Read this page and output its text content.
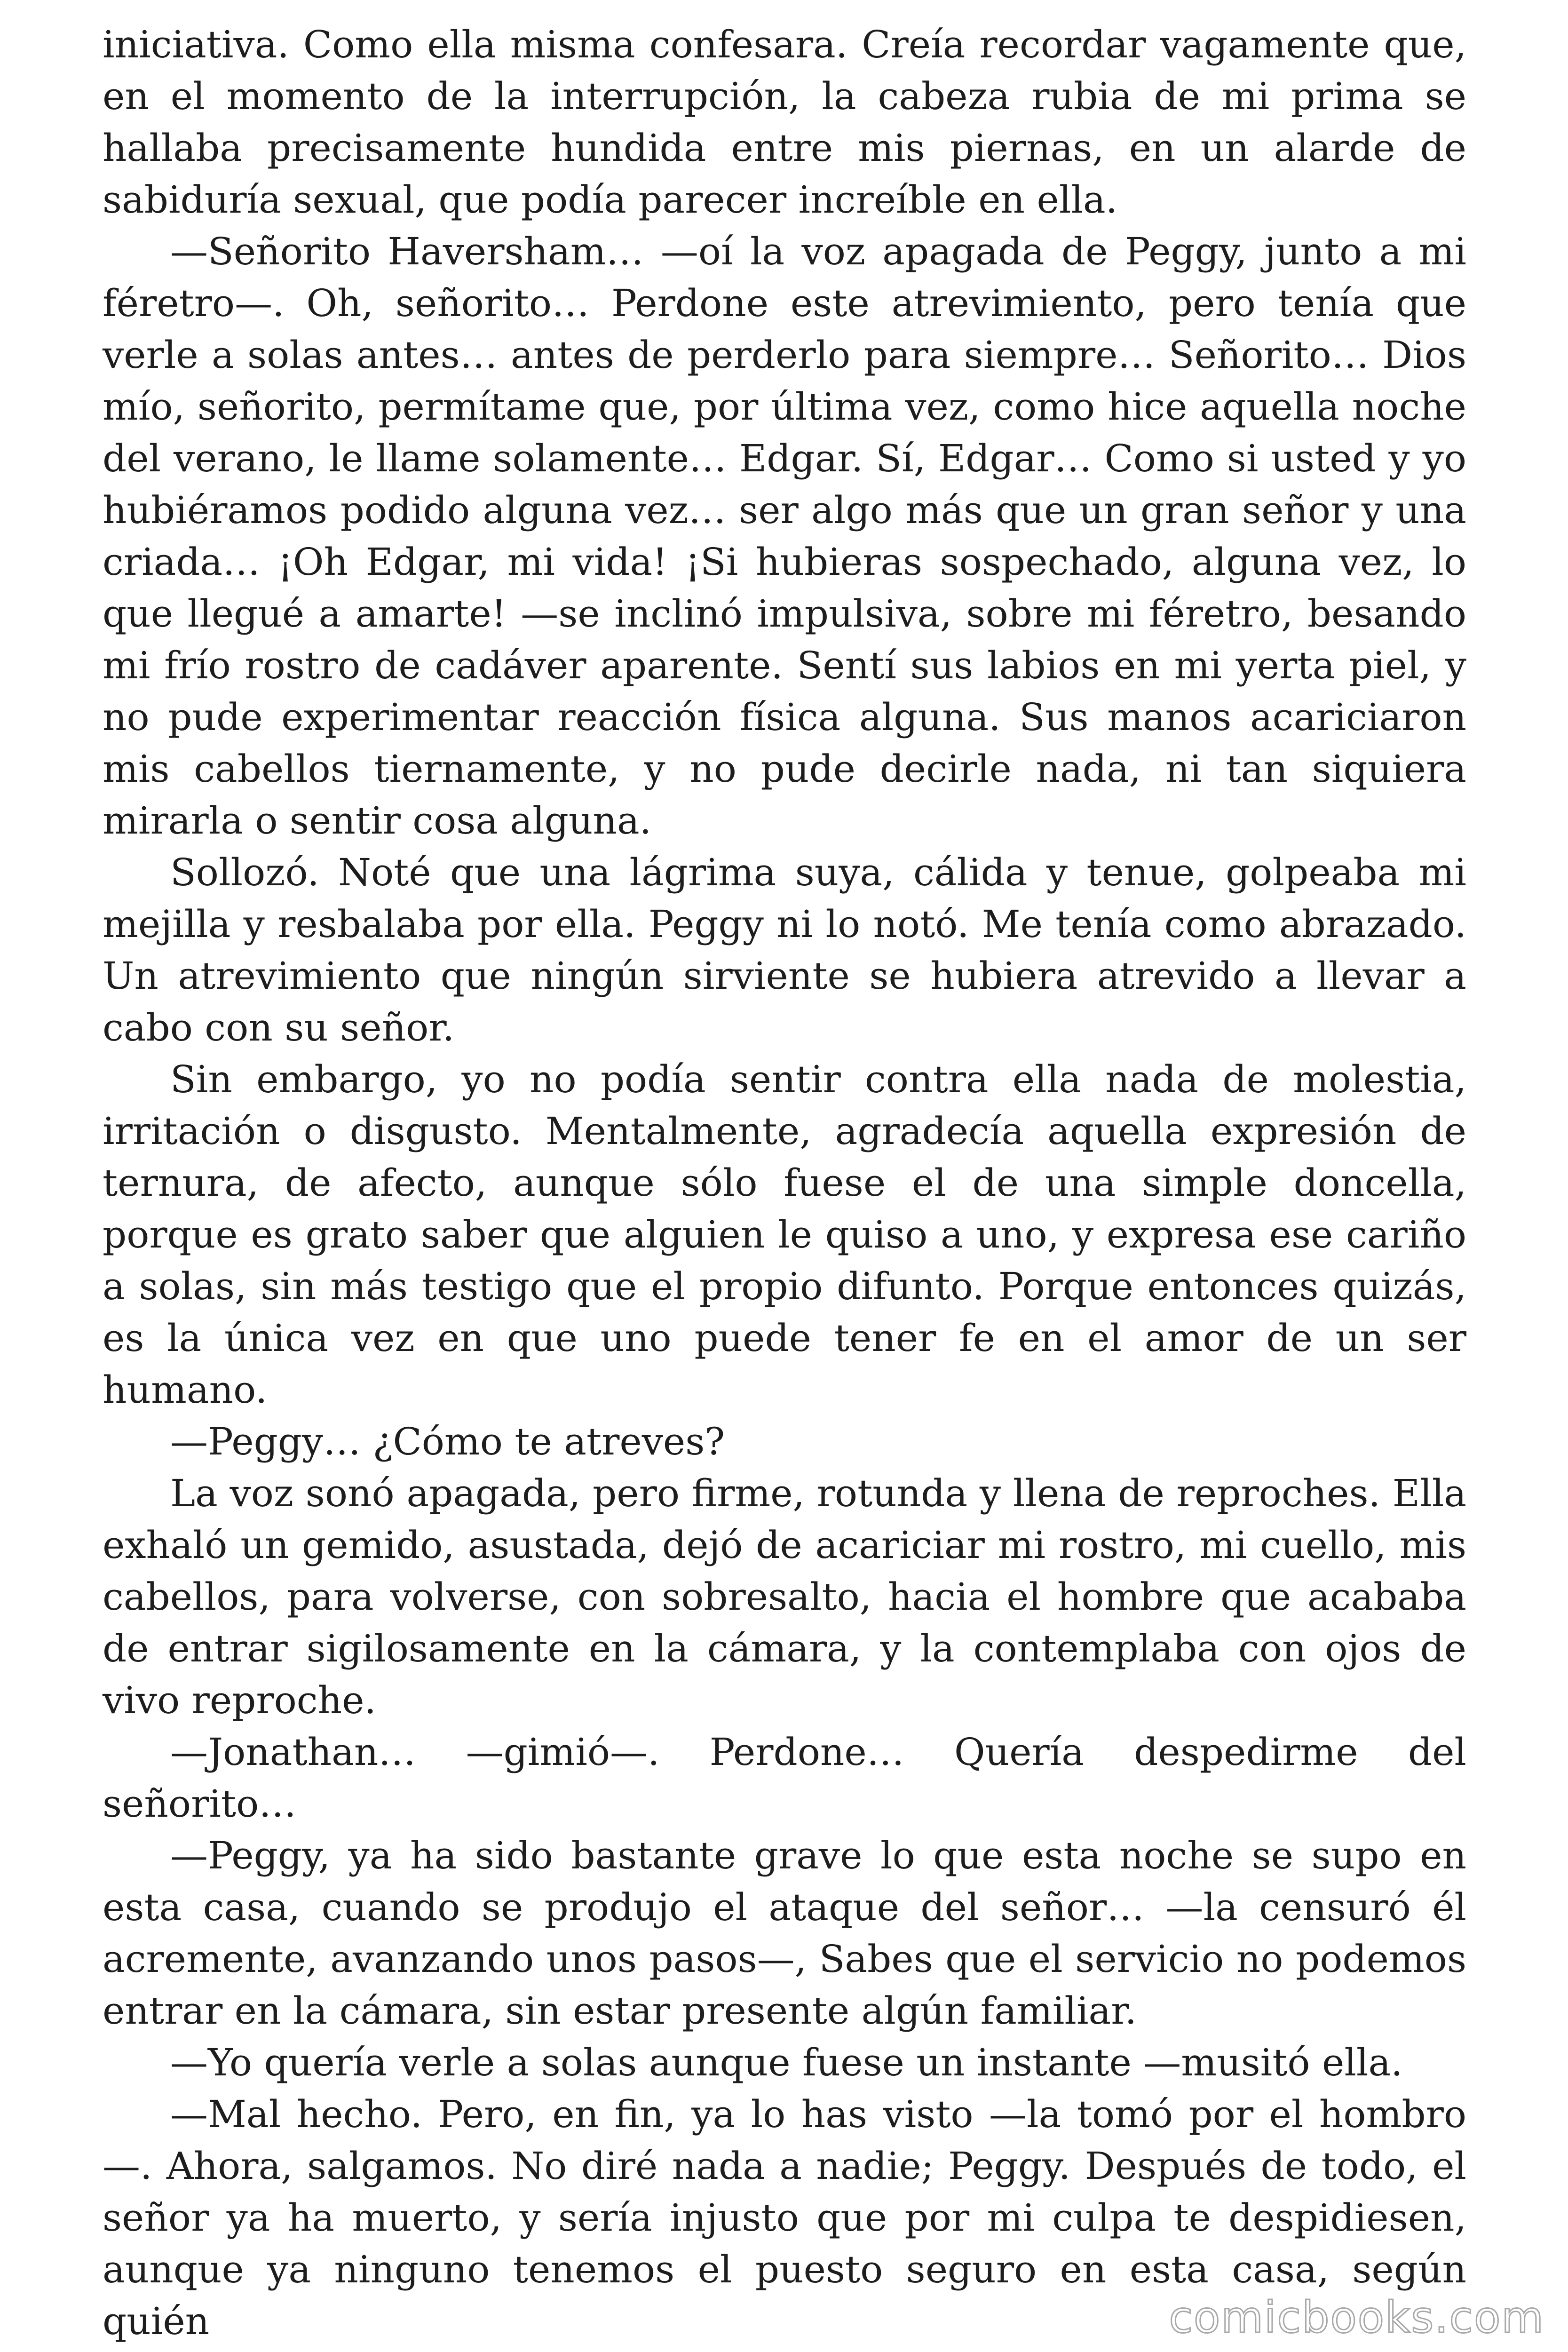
iniciativa. Como ella misma confesara. Creía recordar vagamente que, en el momento de la interrupción, la cabeza rubia de mi prima se hallaba precisamente hundida entre mis piernas, en un alarde de sabiduría sexual, que podía parecer increíble en ella.

—Señorito Haversham… —oí la voz apagada de Peggy, junto a mi féretro—. Oh, señorito… Perdone este atrevimiento, pero tenía que verle a solas antes… antes de perderlo para siempre… Señorito… Dios mío, señorito, permítame que, por última vez, como hice aquella noche del verano, le llame solamente… Edgar. Sí, Edgar… Como si usted y yo hubiéramos podido alguna vez… ser algo más que un gran señor y una criada… ¡Oh Edgar, mi vida! ¡Si hubieras sospechado, alguna vez, lo que llegué a amarte! —se inclinó impulsiva, sobre mi féretro, besando mi frío rostro de cadáver aparente. Sentí sus labios en mi yerta piel, y no pude experimentar reacción física alguna. Sus manos acariciaron mis cabellos tiernamente, y no pude decirle nada, ni tan siquiera mirarla o sentir cosa alguna.

Sollozó. Noté que una lágrima suya, cálida y tenue, golpeaba mi mejilla y resbalaba por ella. Peggy ni lo notó. Me tenía como abrazado. Un atrevimiento que ningún sirviente se hubiera atrevido a llevar a cabo con su señor.

Sin embargo, yo no podía sentir contra ella nada de molestia, irritación o disgusto. Mentalmente, agradecía aquella expresión de ternura, de afecto, aunque sólo fuese el de una simple doncella, porque es grato saber que alguien le quiso a uno, y expresa ese cariño a solas, sin más testigo que el propio difunto. Porque entonces quizás, es la única vez en que uno puede tener fe en el amor de un ser humano.

—Peggy… ¿Cómo te atreves?

La voz sonó apagada, pero firme, rotunda y llena de reproches. Ella exhaló un gemido, asustada, dejó de acariciar mi rostro, mi cuello, mis cabellos, para volverse, con sobresalto, hacia el hombre que acababa de entrar sigilosamente en la cámara, y la contemplaba con ojos de vivo reproche.

—Jonathan… —gimió—. Perdone… Quería despedirme del señorito…

—Peggy, ya ha sido bastante grave lo que esta noche se supo en esta casa, cuando se produjo el ataque del señor… —la censuró él acremente, avanzando unos pasos—, Sabes que el servicio no podemos entrar en la cámara, sin estar presente algún familiar.

—Yo quería verle a solas aunque fuese un instante —musitó ella.

—Mal hecho. Pero, en fin, ya lo has visto —la tomó por el hombro —. Ahora, salgamos. No diré nada a nadie; Peggy. Después de todo, el señor ya ha muerto, y sería injusto que por mi culpa te despidiesen, aunque ya ninguno tenemos el puesto seguro en esta casa, según quién	comicbooks.com
